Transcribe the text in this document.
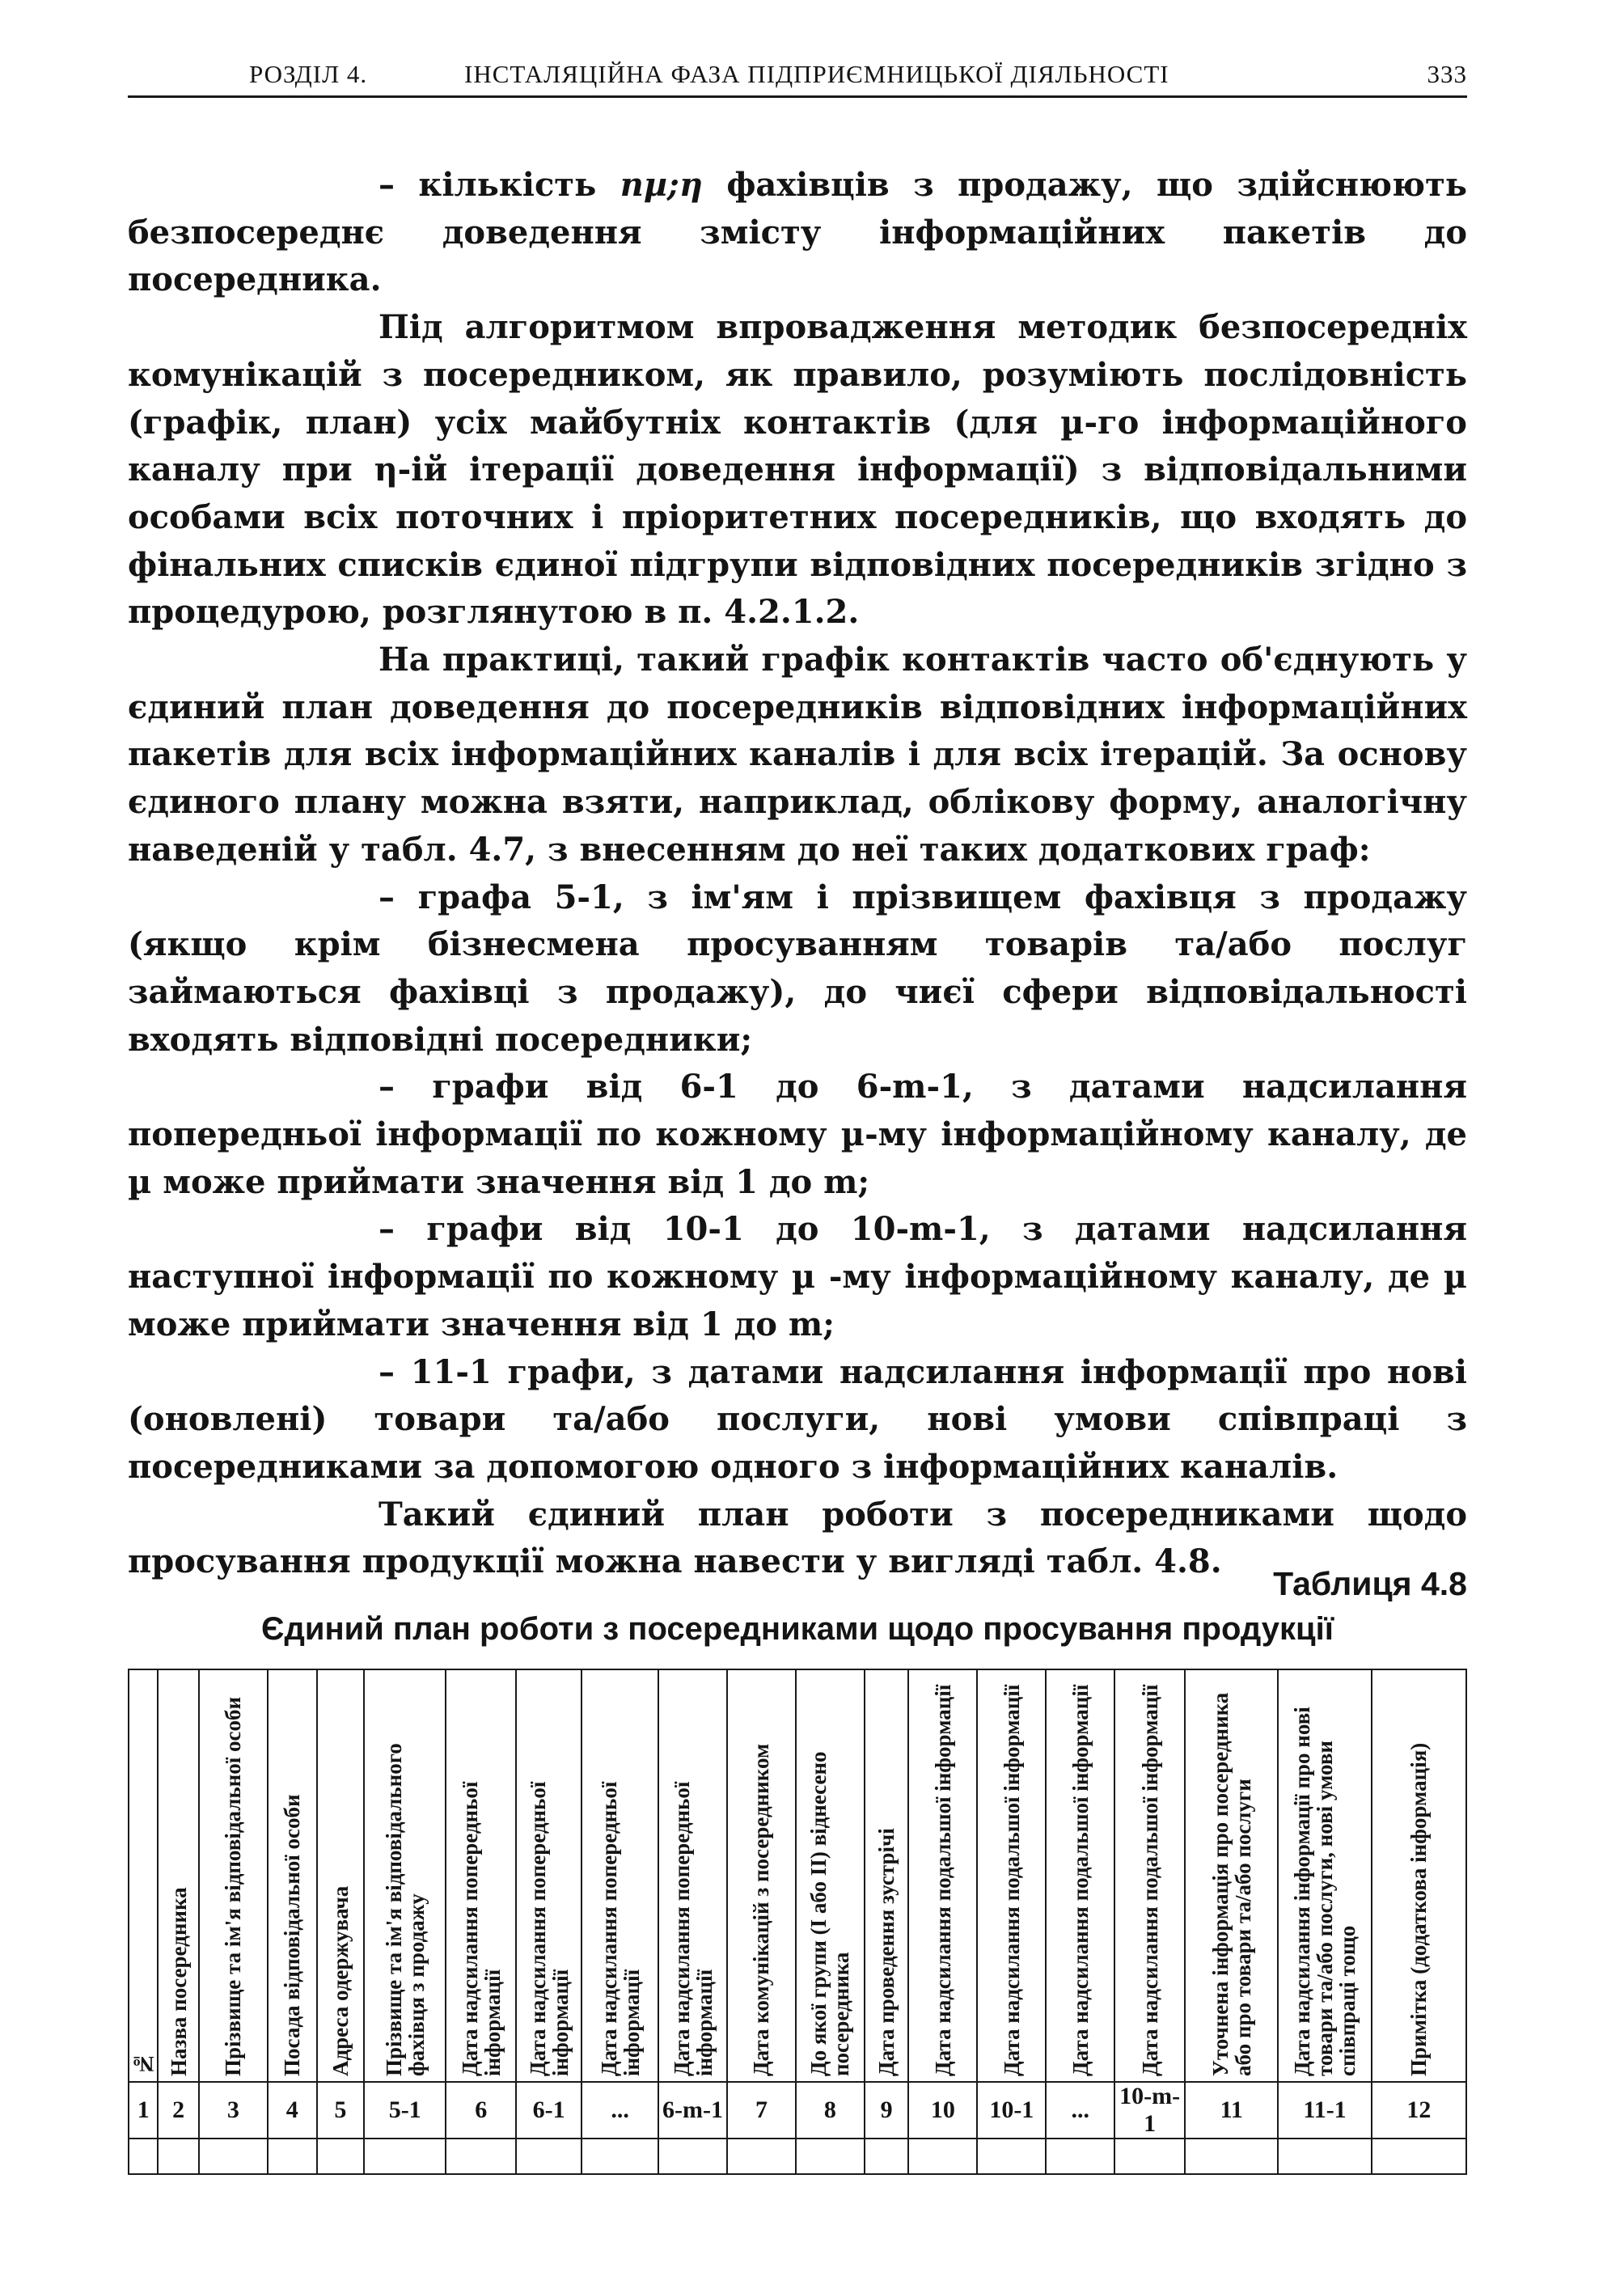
РОЗДІЛ 4.	ІНСТАЛЯЦІЙНА ФАЗА ПІДПРИЄМНИЦЬКОЇ ДІЯЛЬНОСТІ	333

– кількість nµ;η фахівців з продажу, що здійснюють безпосереднє доведення змісту інформаційних пакетів до посередника.

Під алгоритмом впровадження методик безпосередніх комунікацій з посередником, як правило, розуміють послідовність (графік, план) усіх майбутніх контактів (для µ-го інформаційного каналу при η-ій ітерації доведення інформації) з відповідальними особами всіх поточних і пріоритетних посередників, що входять до фінальних списків єдиної підгрупи відповідних посередників згідно з процедурою, розглянутою в п. 4.2.1.2.

На практиці, такий графік контактів часто об'єднують у єдиний план доведення до посередників відповідних інформаційних пакетів для всіх інформаційних каналів і для всіх ітерацій. За основу єдиного плану можна взяти, наприклад, облікову форму, аналогічну наведеній у табл. 4.7, з внесенням до неї таких додаткових граф:

– графа 5-1, з ім'ям і прізвищем фахівця з продажу (якщо крім бізнесмена просуванням товарів та/або послуг займаються фахівці з продажу), до чиєї сфери відповідальності входять відповідні посередники;

– графи від 6-1 до 6-m-1, з датами надсилання попередньої інформації по кожному µ-му інформаційному каналу, де µ може приймати значення від 1 до m;

– графи від 10-1 до 10-m-1, з датами надсилання наступної інформації по кожному µ -му інформаційному каналу, де µ може приймати значення від 1 до m;

– 11-1 графи, з датами надсилання інформації про нові (оновлені) товари та/або послуги, нові умови співпраці з посередниками за допомогою одного з інформаційних каналів.

Такий єдиний план роботи з посередниками щодо просування продукції можна навести у вигляді табл. 4.8.

Таблиця 4.8
Єдиний план роботи з посередниками щодо просування продукції
№	Назва посередника	Прізвище та ім'я відповідальної особи	Посада відповідальної особи	Адреса одержувача	Прізвище та ім'я відповідального фахівця з продажу	Дата надсилання попередньої інформації	Дата надсилання попередньої інформації	Дата надсилання попередньої інформації	Дата надсилання попередньої інформації	Дата комунікацій з посередником	До якої групи (І або ІІ) віднесено посередника	Дата проведення зустрічі	Дата надсилання подальшої інформації	Дата надсилання подальшої інформації	Дата надсилання подальшої інформації	Дата надсилання подальшої інформації	Уточнена інформація про посередника або про товари та/або послуги	Дата надсилання інформації про нові товари та/або послуги, нові умови співпраці тощо	Примітка (додаткова інформація)

1	2	3	4	5	5-1	6	6-1	...	6-m-1	7	8	9	10	10-1	...	10-m-1	11	11-1	12
